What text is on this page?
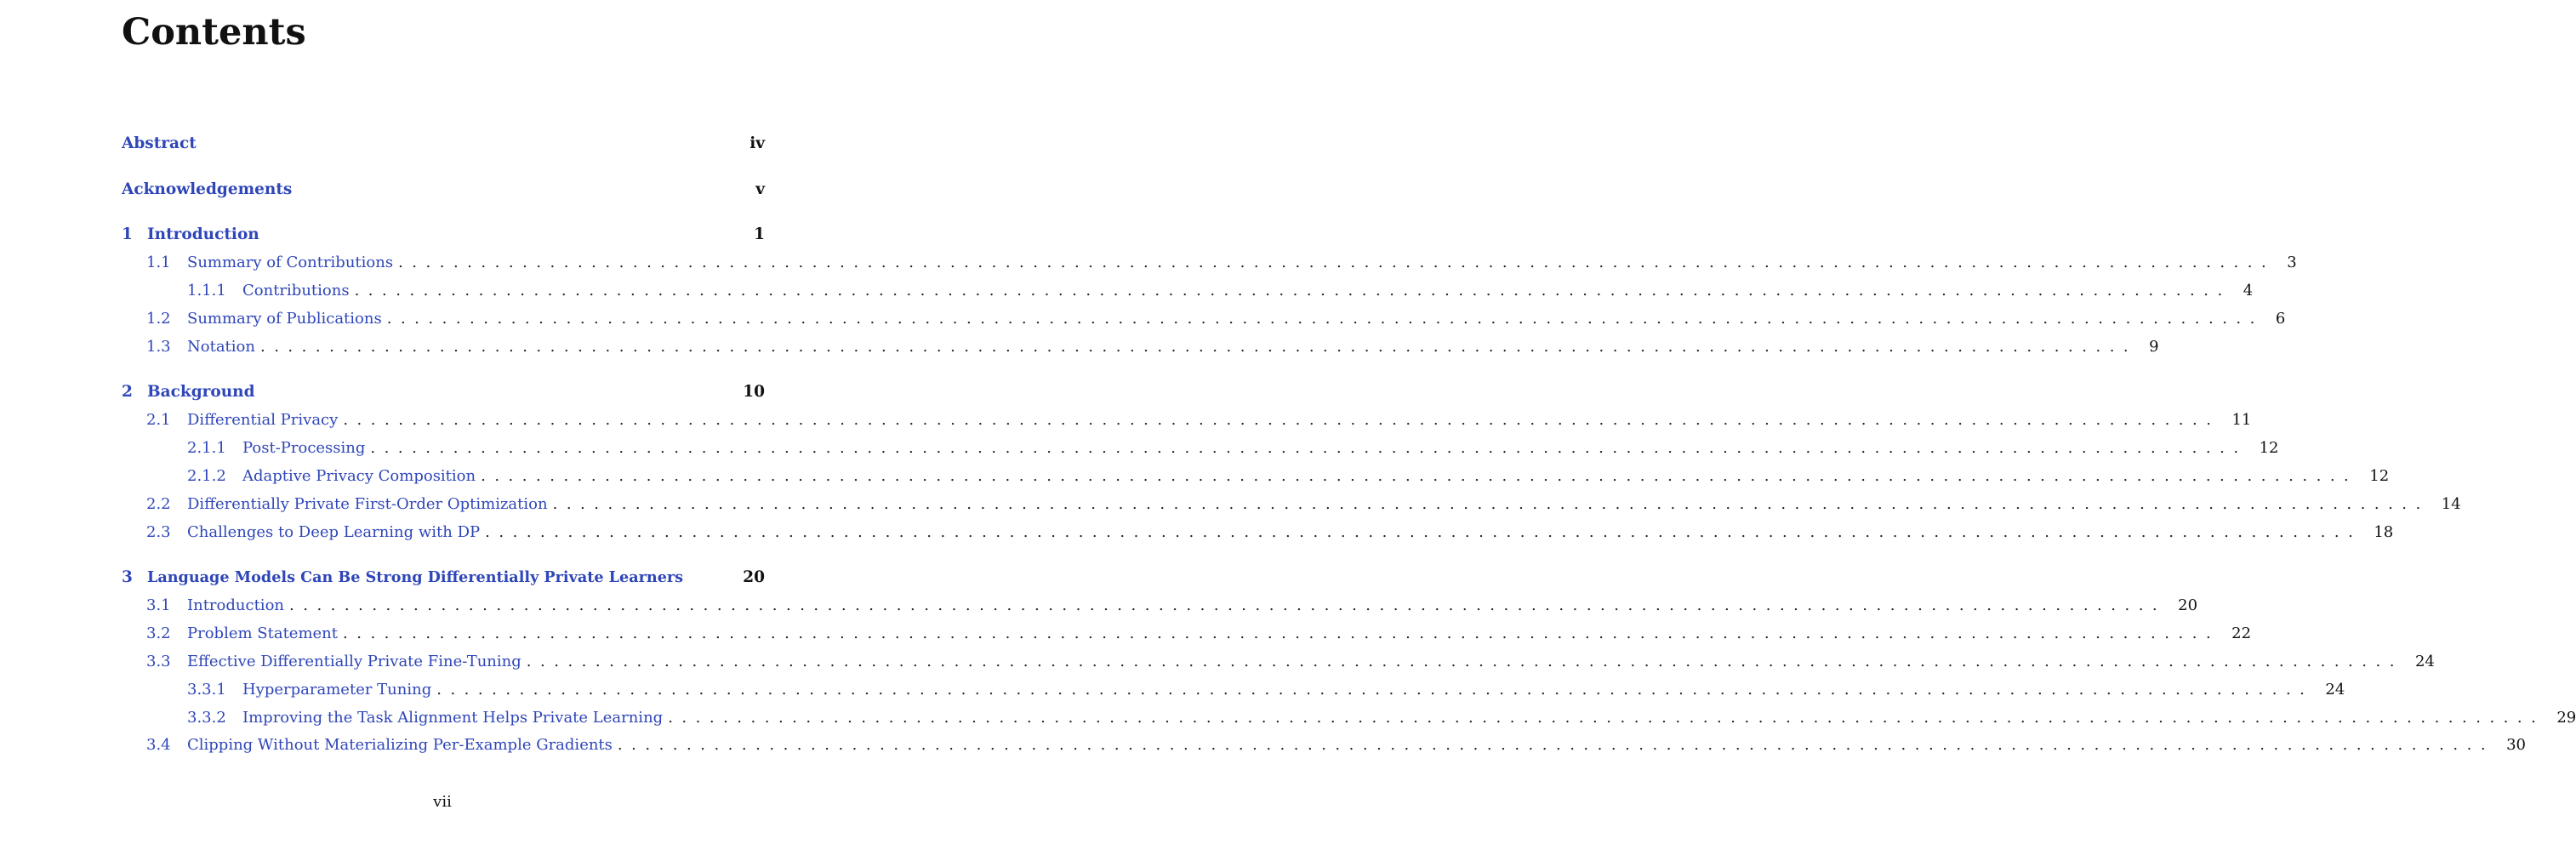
Contents
Abstract	iv
Acknowledgements	v
1 Introduction	1
1.1	Summary of Contributions ........................................................................................................................................ 3
1.1.1	Contributions ........................................................................................................................................ 4
1.2	Summary of Publications ........................................................................................................................................ 6
1.3	Notation ........................................................................................................................................ 9
2 Background	10
2.1	Differential Privacy ........................................................................................................................................ 11
2.1.1	Post-Processing ........................................................................................................................................ 12
2.1.2	Adaptive Privacy Composition ........................................................................................................................................ 12
2.2	Differentially Private First-Order Optimization ........................................................................................................................................ 14
2.3	Challenges to Deep Learning with DP ........................................................................................................................................ 18
3 Language Models Can Be Strong Differentially Private Learners	20
3.1	Introduction ........................................................................................................................................ 20
3.2	Problem Statement ........................................................................................................................................ 22
3.3	Effective Differentially Private Fine-Tuning ........................................................................................................................................ 24
3.3.1	Hyperparameter Tuning ........................................................................................................................................ 24
3.3.2	Improving the Task Alignment Helps Private Learning ........................................................................................................................................ 29
3.4	Clipping Without Materializing Per-Example Gradients ........................................................................................................................................ 30
vii
